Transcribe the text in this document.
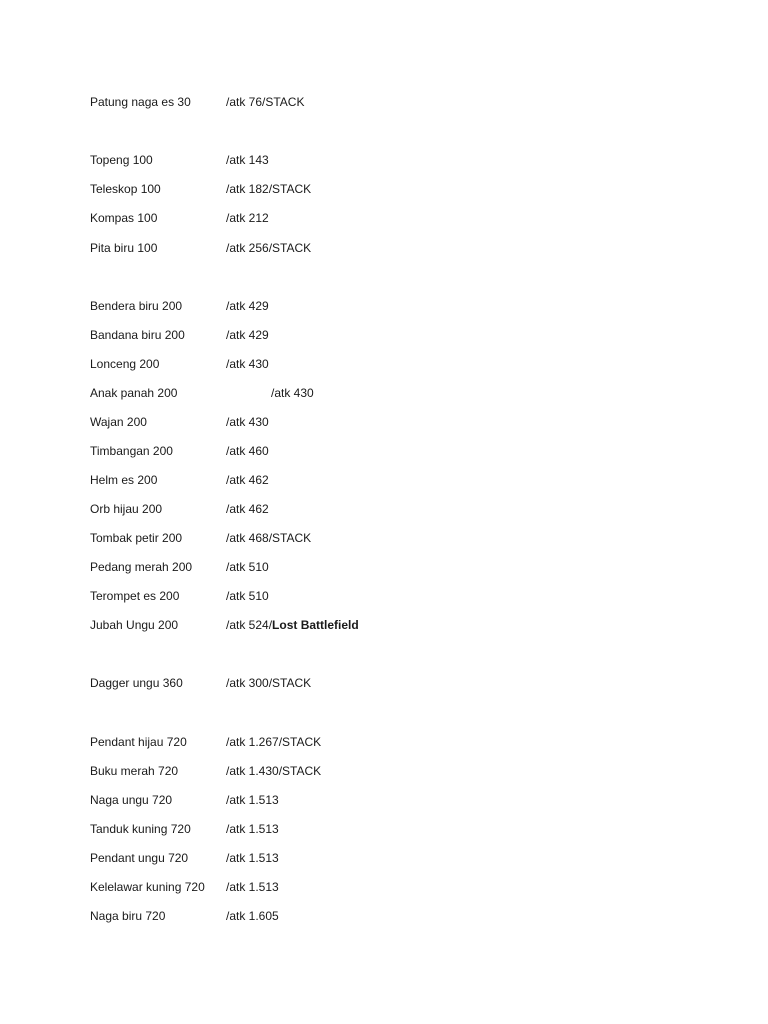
Patung naga es 30	/atk 76/STACK
Topeng 100	/atk 143
Teleskop 100	/atk 182/STACK
Kompas 100	/atk 212
Pita biru 100	/atk 256/STACK
Bendera biru 200	/atk 429
Bandana biru 200	/atk 429
Lonceng 200	/atk 430
Anak panah 200	/atk 430
Wajan 200	/atk 430
Timbangan 200	/atk 460
Helm es 200	/atk 462
Orb hijau 200	/atk 462
Tombak petir 200	/atk 468/STACK
Pedang merah 200	/atk 510
Terompet es 200	/atk 510
Jubah Ungu 200	/atk 524/Lost Battlefield
Dagger ungu 360	/atk 300/STACK
Pendant hijau 720	/atk 1.267/STACK
Buku merah 720	/atk 1.430/STACK
Naga ungu 720	/atk 1.513
Tanduk kuning 720	/atk 1.513
Pendant ungu 720	/atk 1.513
Kelelawar kuning 720 /atk 1.513
Naga biru 720	/atk 1.605
